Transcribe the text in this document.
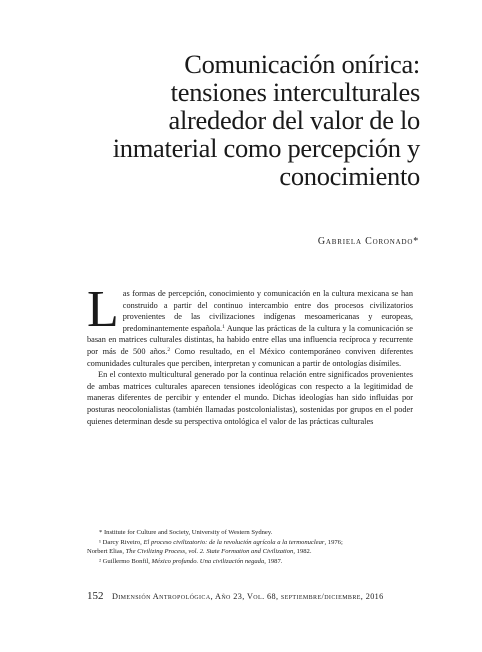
Comunicación onírica:
tensiones interculturales
alrededor del valor de lo
inmaterial como percepción y
conocimiento
Gabriela Coronado*

Las formas de percepción, conocimiento y comunicación en la cultura mexicana se han construido a partir del continuo intercambio entre dos procesos civilizatorios provenientes de las civilizaciones indígenas mesoamericanas y europeas, predominantemente española.$^1$ Aunque las prácticas de la cultura y la comunicación se basan en matrices culturales distintas, ha habido entre ellas una influencia recíproca y recurrente por más de 500 años.$^2$ Como resultado, en el México contemporáneo conviven diferentes comunidades culturales que perciben, interpretan y comunican a partir de ontologías disímiles.

En el contexto multicultural generado por la continua relación entre significados provenientes de ambas matrices culturales aparecen tensiones ideológicas con respecto a la legitimidad de maneras diferentes de percibir y entender el mundo. Dichas ideologías han sido influidas por posturas neocolonialistas (también llamadas postcolonialistas), sostenidas por grupos en el poder quienes determinan desde su perspectiva ontológica el valor de las prácticas culturales

* Institute for Culture and Society, University of Western Sydney.

¹ Darcy Riveiro, El proceso civilizatorio: de la revolución agrícola a la termonuclear, 1976;

Norbert Elias, The Civilizing Process, vol. 2. State Formation and Civilization, 1982.

² Guillermo Bonfil, México profundo. Una civilización negada, 1987.

152 Dimensión Antropológica, Año 23, Vol. 68, septiembre/diciembre, 2016
